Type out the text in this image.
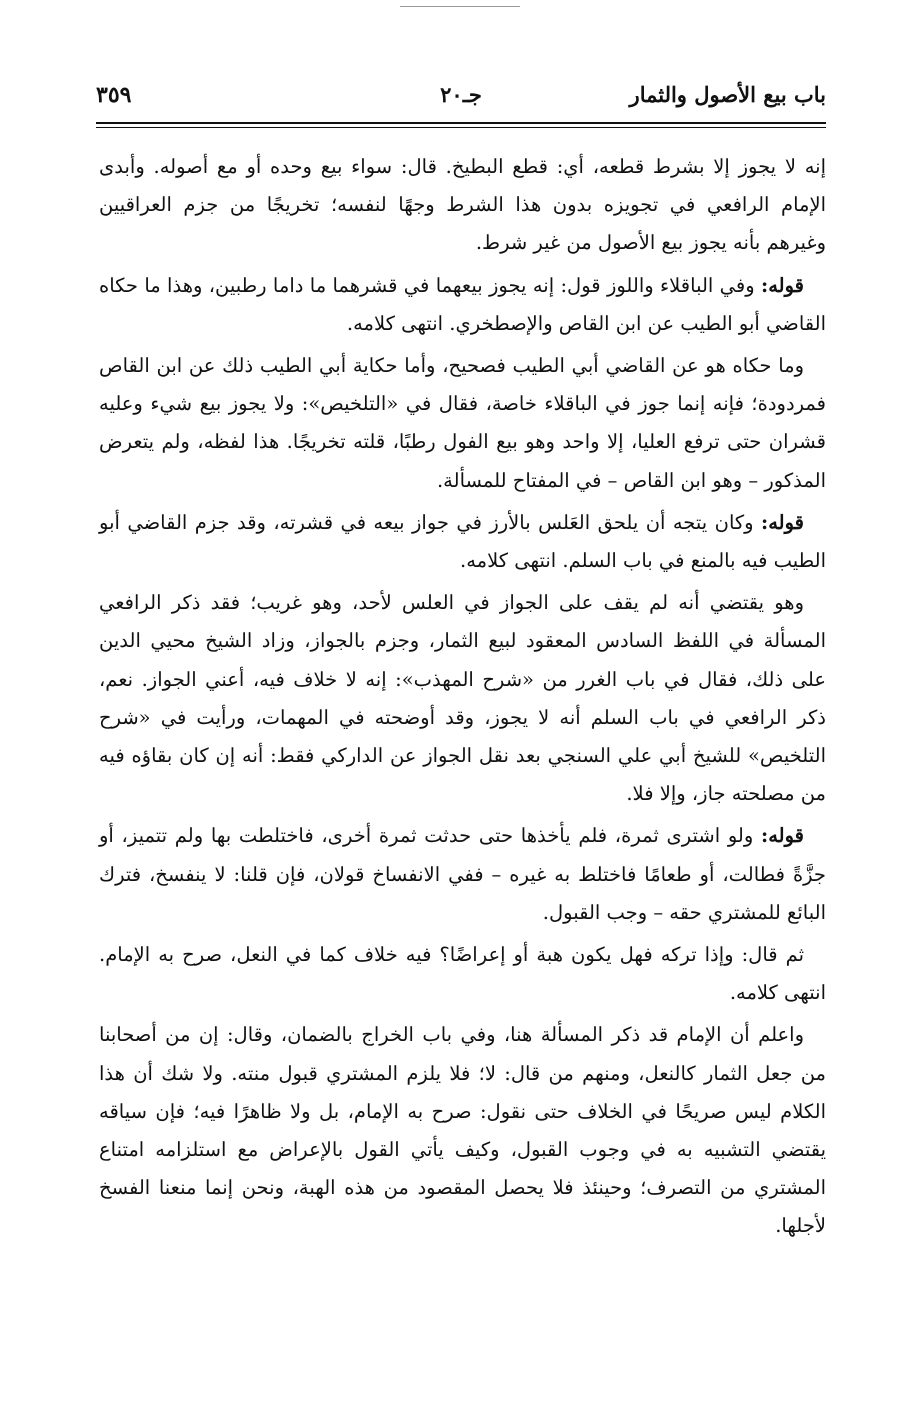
باب بيع الأصول والثمار
جـ٢٠
٣٥٩

إنه لا يجوز إلا بشرط قطعه، أي: قطع البطيخ. قال: سواء بيع وحده أو مع أصوله. وأبدى الإمام الرافعي في تجويزه بدون هذا الشرط وجهًا لنفسه؛ تخريجًا من جزم العراقيين وغيرهم بأنه يجوز بيع الأصول من غير شرط.

قوله: وفي الباقلاء واللوز قول: إنه يجوز بيعهما في قشرهما ما داما رطبين، وهذا ما حكاه القاضي أبو الطيب عن ابن القاص والإصطخري. انتهى كلامه.

وما حكاه هو عن القاضي أبي الطيب فصحيح، وأما حكاية أبي الطيب ذلك عن ابن القاص فمردودة؛ فإنه إنما جوز في الباقلاء خاصة، فقال في «التلخيص»: ولا يجوز بيع شيء وعليه قشران حتى ترفع العليا، إلا واحد وهو بيع الفول رطبًا، قلته تخريجًا. هذا لفظه، ولم يتعرض المذكور – وهو ابن القاص – في المفتاح للمسألة.

قوله: وكان يتجه أن يلحق العَلس بالأرز في جواز بيعه في قشرته، وقد جزم القاضي أبو الطيب فيه بالمنع في باب السلم. انتهى كلامه.

وهو يقتضي أنه لم يقف على الجواز في العلس لأحد، وهو غريب؛ فقد ذكر الرافعي المسألة في اللفظ السادس المعقود لبيع الثمار، وجزم بالجواز، وزاد الشيخ محيي الدين على ذلك، فقال في باب الغرر من «شرح المهذب»: إنه لا خلاف فيه، أعني الجواز. نعم، ذكر الرافعي في باب السلم أنه لا يجوز، وقد أوضحته في المهمات، ورأيت في «شرح التلخيص» للشيخ أبي علي السنجي بعد نقل الجواز عن الداركي فقط: أنه إن كان بقاؤه فيه من مصلحته جاز، وإلا فلا.

قوله: ولو اشترى ثمرة، فلم يأخذها حتى حدثت ثمرة أخرى، فاختلطت بها ولم تتميز، أو جزَّةً فطالت، أو طعامًا فاختلط به غيره – ففي الانفساخ قولان، فإن قلنا: لا ينفسخ، فترك البائع للمشتري حقه – وجب القبول.

ثم قال: وإذا تركه فهل يكون هبة أو إعراضًا؟ فيه خلاف كما في النعل، صرح به الإمام. انتهى كلامه.

واعلم أن الإمام قد ذكر المسألة هنا، وفي باب الخراج بالضمان، وقال: إن من أصحابنا من جعل الثمار كالنعل، ومنهم من قال: لا؛ فلا يلزم المشتري قبول منته. ولا شك أن هذا الكلام ليس صريحًا في الخلاف حتى نقول: صرح به الإمام، بل ولا ظاهرًا فيه؛ فإن سياقه يقتضي التشبيه به في وجوب القبول، وكيف يأتي القول بالإعراض مع استلزامه امتناع المشتري من التصرف؛ وحينئذ فلا يحصل المقصود من هذه الهبة، ونحن إنما منعنا الفسخ لأجلها.
